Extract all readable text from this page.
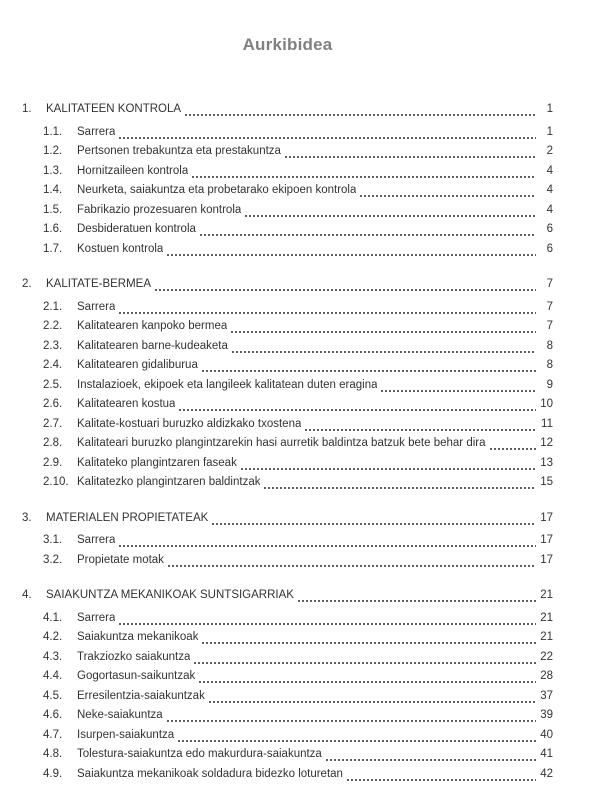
Aurkibidea
1.	KALITATEEN KONTROLA	1
1.1.	Sarrera	1
1.2.	Pertsonen trebakuntza eta prestakuntza	2
1.3.	Hornitzaileen kontrola	4
1.4.	Neurketa, saiakuntza eta probetarako ekipoen kontrola	4
1.5.	Fabrikazio prozesuaren kontrola	4
1.6.	Desbideratuen kontrola	6
1.7.	Kostuen kontrola	6
2.	KALITATE-BERMEA	7
2.1.	Sarrera	7
2.2.	Kalitatearen kanpoko bermea	7
2.3.	Kalitatearen barne-kudeaketa	8
2.4.	Kalitatearen gidaliburua	8
2.5.	Instalazioek, ekipoek eta langileek kalitatean duten eragina	9
2.6.	Kalitatearen kostua	10
2.7.	Kalitate-kostuari buruzko aldizkako txostena	11
2.8.	Kalitateari buruzko plangintzarekin hasi aurretik baldintza batzuk bete behar dira	12
2.9.	Kalitateko plangintzaren faseak	13
2.10. Kalitatezko plangintzaren baldintzak	15
3.	MATERIALEN PROPIETATEAK	17
3.1.	Sarrera	17
3.2.	Propietate motak	17
4.	SAIAKUNTZA MEKANIKOAK SUNTSIGARRIAK	21
4.1.	Sarrera	21
4.2.	Saiakuntza mekanikoak	21
4.3.	Trakziozko saiakuntza	22
4.4.	Gogortasun-saikuntzak	28
4.5.	Erresilentzia-saiakuntzak	37
4.6.	Neke-saiakuntza	39
4.7.	Isurpen-saiakuntza	40
4.8.	Tolestura-saiakuntza edo makurdura-saiakuntza	41
4.9.	Saiakuntza mekanikoak soldadura bidezko loturetan	42
